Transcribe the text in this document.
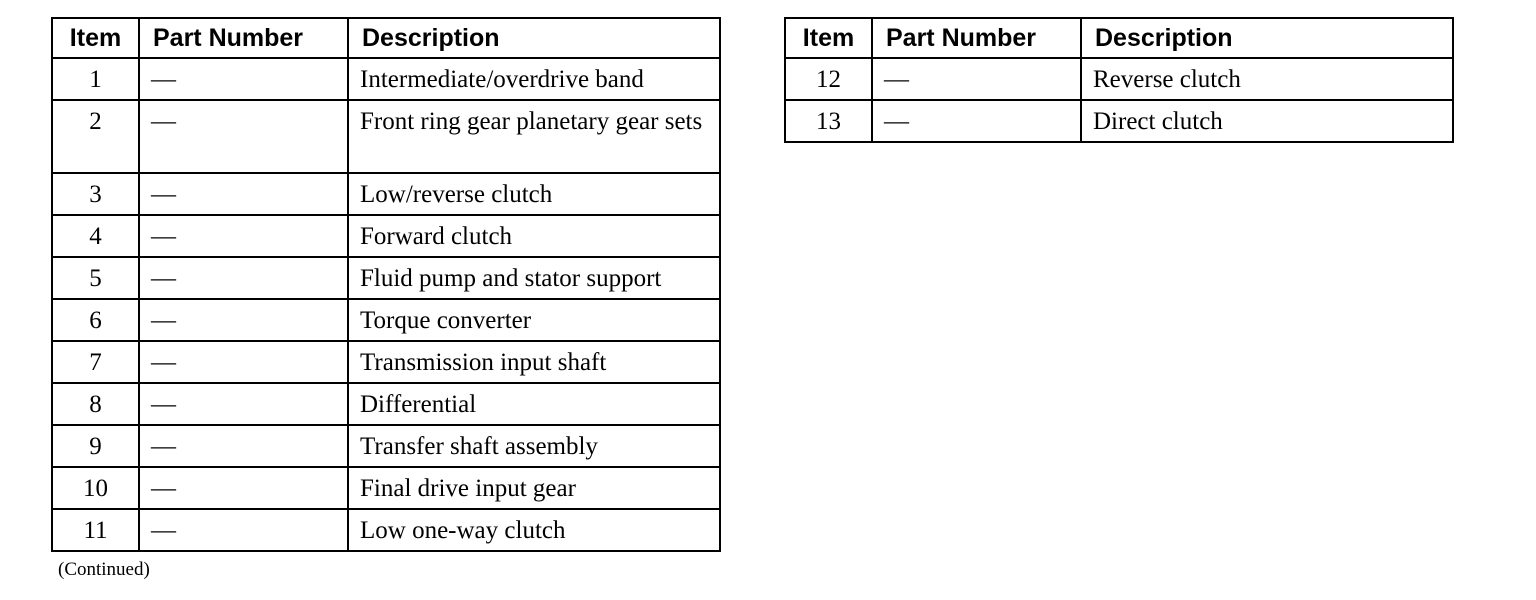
Item	Part Number	Description
1	—	Intermediate/overdrive band
2	—	Front ring gear planetary gear sets
3	—	Low/reverse clutch
4	—	Forward clutch
5	—	Fluid pump and stator support
6	—	Torque converter
7	—	Transmission input shaft
8	—	Differential
9	—	Transfer shaft assembly
10	—	Final drive input gear
11	—	Low one-way clutch
(Continued)
Item	Part Number	Description
12	—	Reverse clutch
13	—	Direct clutch
